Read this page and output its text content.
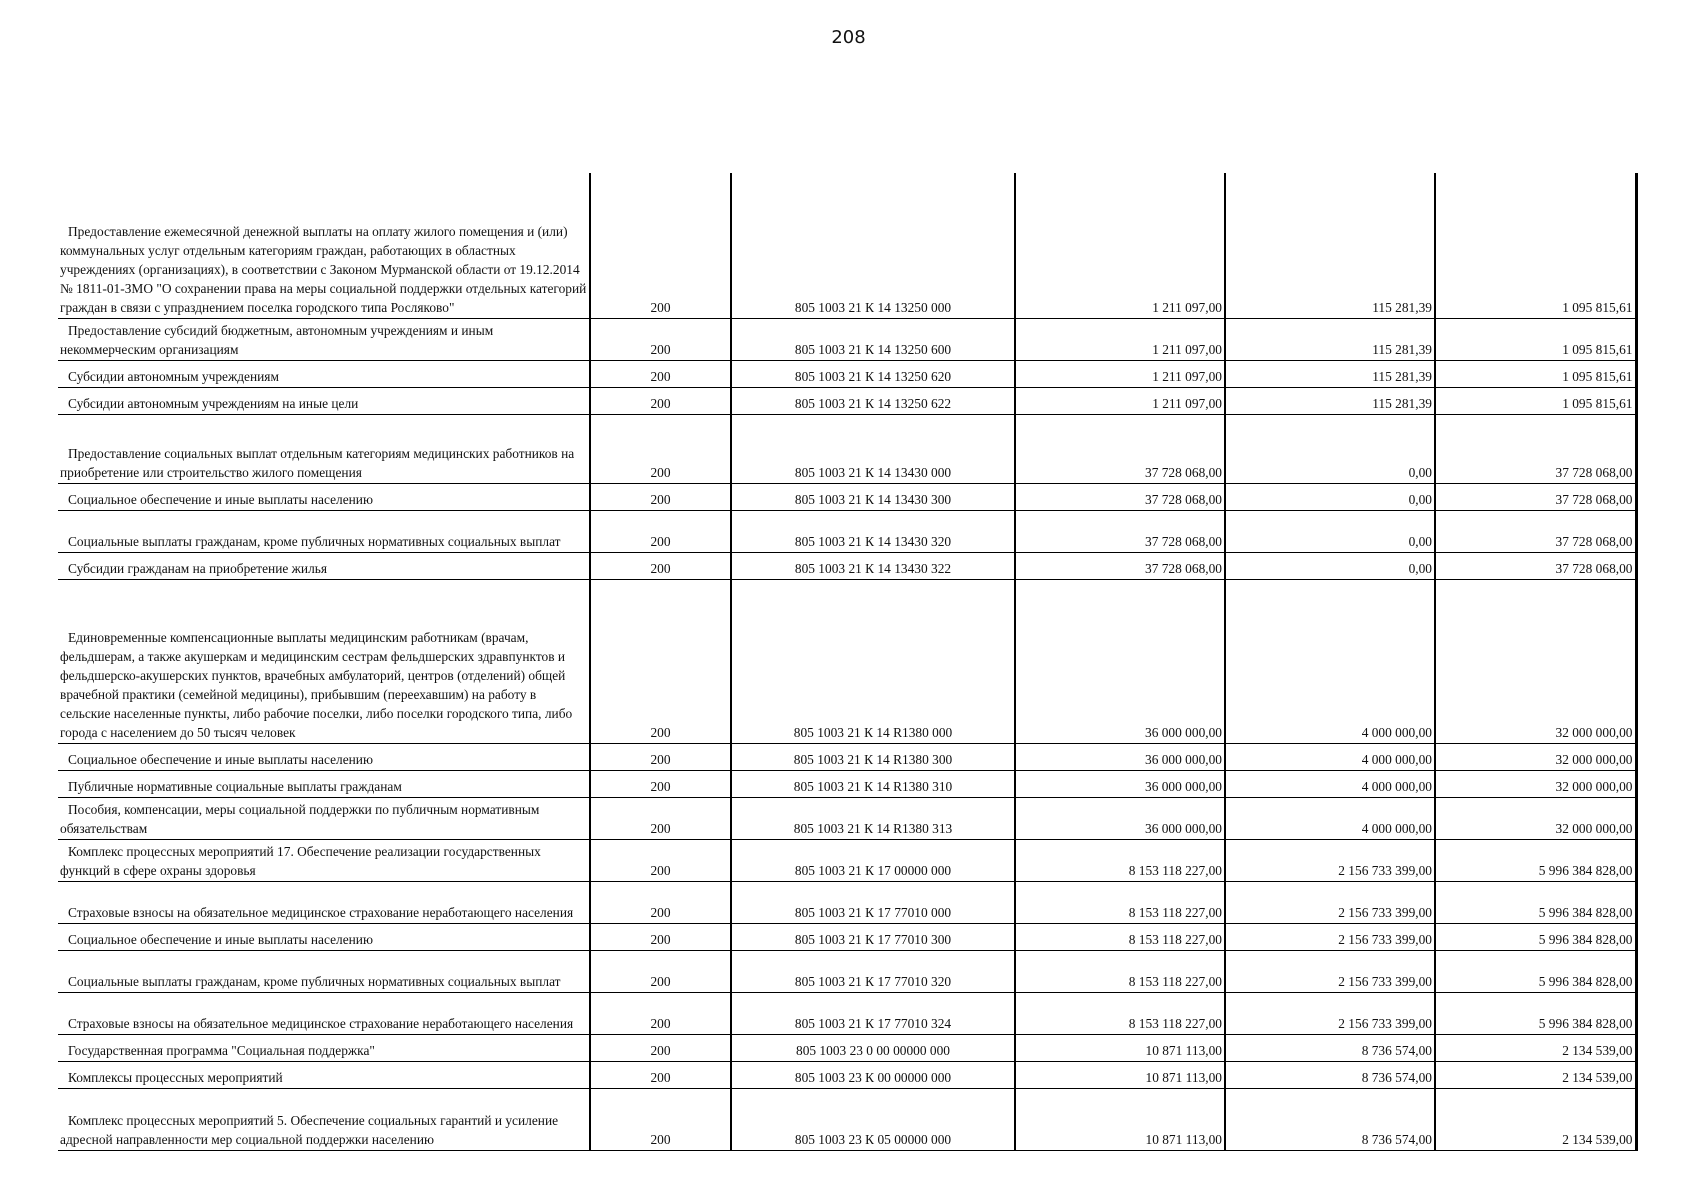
208
Предоставление ежемесячной денежной выплаты на оплату жилого помещения и (или) коммунальных услуг отдельным категориям граждан, работающих в областных учреждениях (организациях), в соответствии с Законом Мурманской области от 19.12.2014 № 1811-01-ЗМО "О сохранении права на меры социальной поддержки отдельных категорий граждан в связи с упразднением поселка городского типа Росляково"	200	805 1003 21 К 14 13250 000	1 211 097,00	115 281,39	1 095 815,61
Предоставление субсидий бюджетным, автономным учреждениям и иным некоммерческим организациям	200	805 1003 21 К 14 13250 600	1 211 097,00	115 281,39	1 095 815,61
Субсидии автономным учреждениям	200	805 1003 21 К 14 13250 620	1 211 097,00	115 281,39	1 095 815,61
Субсидии автономным учреждениям на иные цели	200	805 1003 21 К 14 13250 622	1 211 097,00	115 281,39	1 095 815,61
Предоставление социальных выплат отдельным категориям медицинских работников на приобретение или строительство жилого помещения	200	805 1003 21 К 14 13430 000	37 728 068,00	0,00	37 728 068,00
Социальное обеспечение и иные выплаты населению	200	805 1003 21 К 14 13430 300	37 728 068,00	0,00	37 728 068,00
Социальные выплаты гражданам, кроме публичных нормативных социальных выплат	200	805 1003 21 К 14 13430 320	37 728 068,00	0,00	37 728 068,00
Субсидии гражданам на приобретение жилья	200	805 1003 21 К 14 13430 322	37 728 068,00	0,00	37 728 068,00
Единовременные компенсационные выплаты медицинским работникам (врачам, фельдшерам, а также акушеркам и медицинским сестрам фельдшерских здравпунктов и фельдшерско-акушерских пунктов, врачебных амбулаторий, центров (отделений) общей врачебной практики (семейной медицины), прибывшим (переехавшим) на работу в сельские населенные пункты, либо рабочие поселки, либо поселки городского типа, либо города с населением до 50 тысяч человек	200	805 1003 21 К 14 R1380 000	36 000 000,00	4 000 000,00	32 000 000,00
Социальное обеспечение и иные выплаты населению	200	805 1003 21 К 14 R1380 300	36 000 000,00	4 000 000,00	32 000 000,00
Публичные нормативные социальные выплаты гражданам	200	805 1003 21 К 14 R1380 310	36 000 000,00	4 000 000,00	32 000 000,00
Пособия, компенсации, меры социальной поддержки по публичным нормативным обязательствам	200	805 1003 21 К 14 R1380 313	36 000 000,00	4 000 000,00	32 000 000,00
Комплекс процессных мероприятий 17. Обеспечение реализации государственных функций в сфере охраны здоровья	200	805 1003 21 К 17 00000 000	8 153 118 227,00	2 156 733 399,00	5 996 384 828,00
Страховые взносы на обязательное медицинское страхование неработающего населения	200	805 1003 21 К 17 77010 000	8 153 118 227,00	2 156 733 399,00	5 996 384 828,00
Социальное обеспечение и иные выплаты населению	200	805 1003 21 К 17 77010 300	8 153 118 227,00	2 156 733 399,00	5 996 384 828,00
Социальные выплаты гражданам, кроме публичных нормативных социальных выплат	200	805 1003 21 К 17 77010 320	8 153 118 227,00	2 156 733 399,00	5 996 384 828,00
Страховые взносы на обязательное медицинское страхование неработающего населения	200	805 1003 21 К 17 77010 324	8 153 118 227,00	2 156 733 399,00	5 996 384 828,00
Государственная программа "Социальная поддержка"	200	805 1003 23 0 00 00000 000	10 871 113,00	8 736 574,00	2 134 539,00
Комплексы процессных мероприятий	200	805 1003 23 К 00 00000 000	10 871 113,00	8 736 574,00	2 134 539,00
Комплекс процессных мероприятий 5. Обеспечение социальных гарантий и усиление адресной направленности мер социальной поддержки населению	200	805 1003 23 К 05 00000 000	10 871 113,00	8 736 574,00	2 134 539,00
